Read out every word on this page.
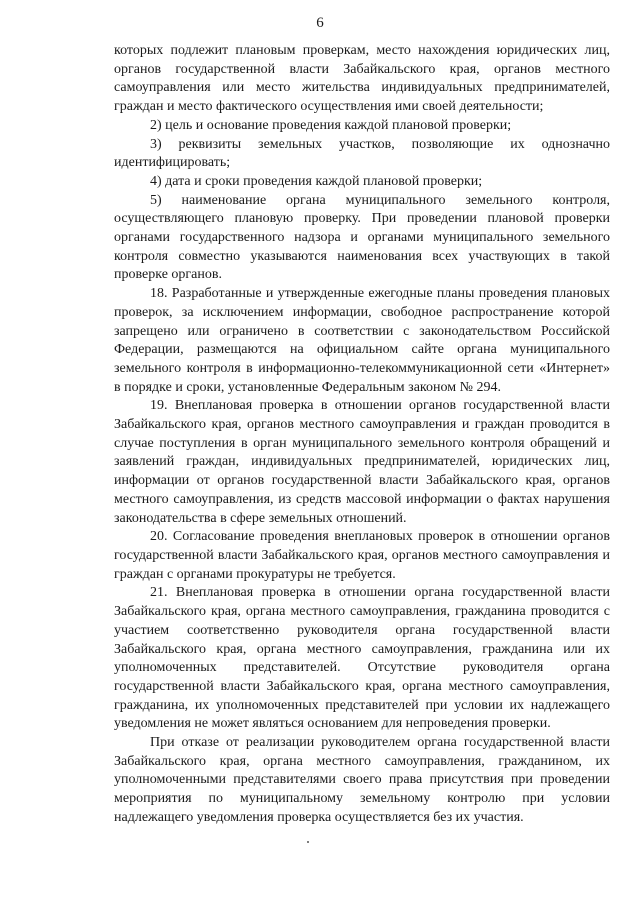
6

которых подлежит плановым проверкам, место нахождения юридических лиц, органов государственной власти Забайкальского края, органов местного самоуправления или место жительства индивидуальных предпринимателей, граждан и место фактического осуществления ими своей деятельности;

2) цель и основание проведения каждой плановой проверки;

3) реквизиты земельных участков, позволяющие их однозначно идентифицировать;

4) дата и сроки проведения каждой плановой проверки;

5) наименование органа муниципального земельного контроля, осуществляющего плановую проверку. При проведении плановой проверки органами государственного надзора и органами муниципального земельного контроля совместно указываются наименования всех участвующих в такой проверке органов.

18. Разработанные и утвержденные ежегодные планы проведения плановых проверок, за исключением информации, свободное распространение которой запрещено или ограничено в соответствии с законодательством Российской Федерации, размещаются на официальном сайте органа муниципального земельного контроля в информационно-телекоммуникационной сети «Интернет» в порядке и сроки, установленные Федеральным законом № 294.

19. Внеплановая проверка в отношении органов государственной власти Забайкальского края, органов местного самоуправления и граждан проводится в случае поступления в орган муниципального земельного контроля обращений и заявлений граждан, индивидуальных предпринимателей, юридических лиц, информации от органов государственной власти Забайкальского края, органов местного самоуправления, из средств массовой информации о фактах нарушения законодательства в сфере земельных отношений.

20. Согласование проведения внеплановых проверок в отношении органов государственной власти Забайкальского края, органов местного самоуправления и граждан с органами прокуратуры не требуется.

21. Внеплановая проверка в отношении органа государственной власти Забайкальского края, органа местного самоуправления, гражданина проводится с участием соответственно руководителя органа государственной власти Забайкальского края, органа местного самоуправления, гражданина или их уполномоченных представителей. Отсутствие руководителя органа государственной власти Забайкальского края, органа местного самоуправления, гражданина, их уполномоченных представителей при условии их надлежащего уведомления не может являться основанием для непроведения проверки.

При отказе от реализации руководителем органа государственной власти Забайкальского края, органа местного самоуправления, гражданином, их уполномоченными представителями своего права присутствия при проведении мероприятия по муниципальному земельному контролю при условии надлежащего уведомления проверка осуществляется без их участия.
